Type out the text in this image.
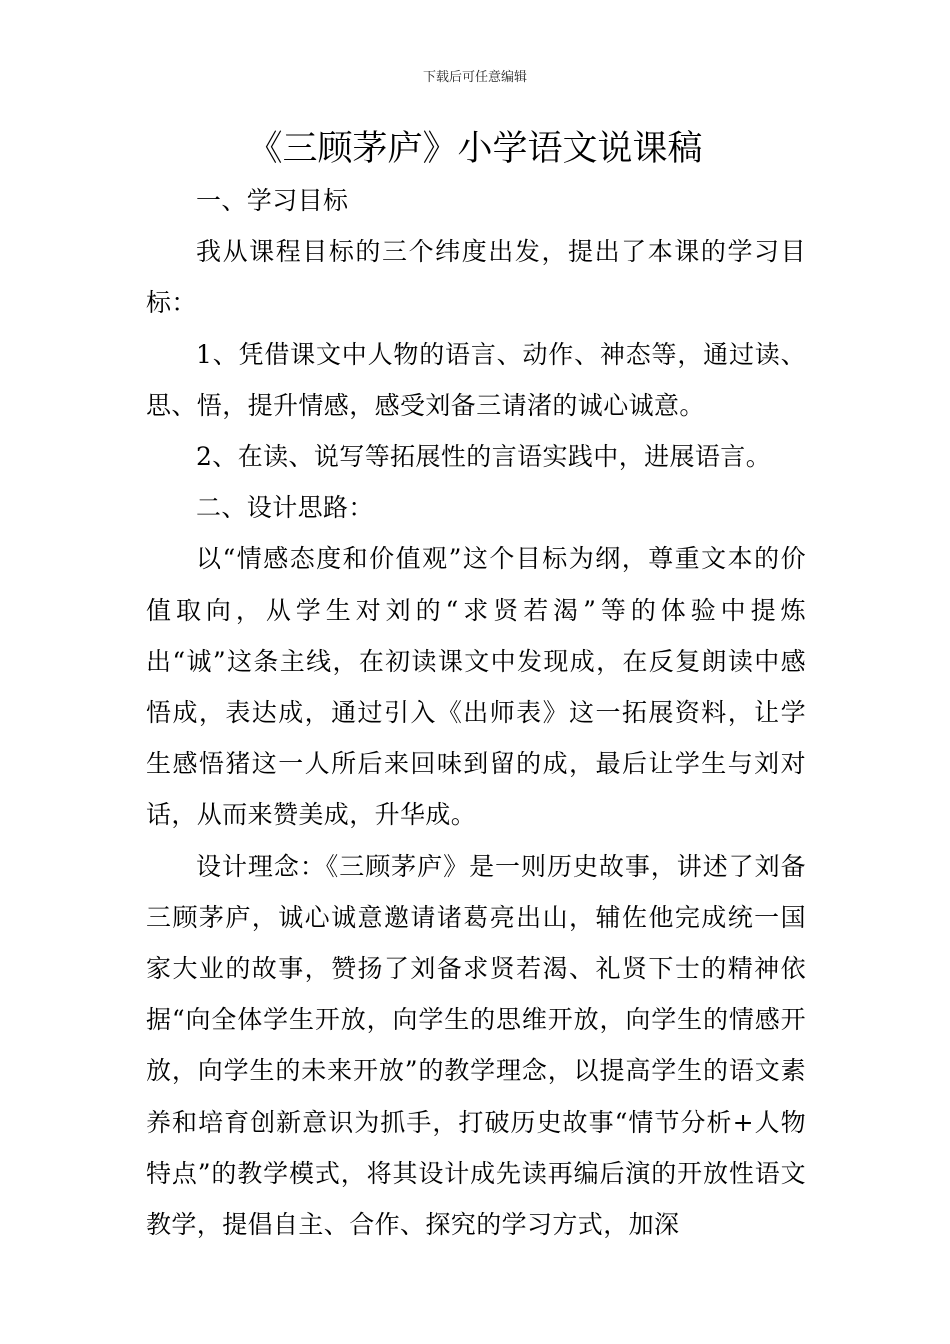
下载后可任意编辑
《三顾茅庐》小学语文说课稿

一、学习目标

我从课程目标的三个纬度出发，提出了本课的学习目标：

1、凭借课文中人物的语言、动作、神态等，通过读、思、悟，提升情感，感受刘备三请渚的诚心诚意。

2、在读、说写等拓展性的言语实践中，进展语言。

二、设计思路：

以“情感态度和价值观”这个目标为纲，尊重文本的价值取向，从学生对刘的“求贤若渴”等的体验中提炼出“诚”这条主线，在初读课文中发现成，在反复朗读中感悟成，表达成，通过引入《出师表》这一拓展资料，让学生感悟猪这一人所后来回味到留的成，最后让学生与刘对话，从而来赞美成，升华成。

设计理念：《三顾茅庐》是一则历史故事，讲述了刘备三顾茅庐，诚心诚意邀请诸葛亮出山，辅佐他完成统一国家大业的故事，赞扬了刘备求贤若渴、礼贤下士的精神依据“向全体学生开放，向学生的思维开放，向学生的情感开放，向学生的未来开放”的教学理念，以提高学生的语文素养和培育创新意识为抓手，打破历史故事“情节分析+人物特点”的教学模式，将其设计成先读再编后演的开放性语文教学，提倡自主、合作、探究的学习方式，加深
